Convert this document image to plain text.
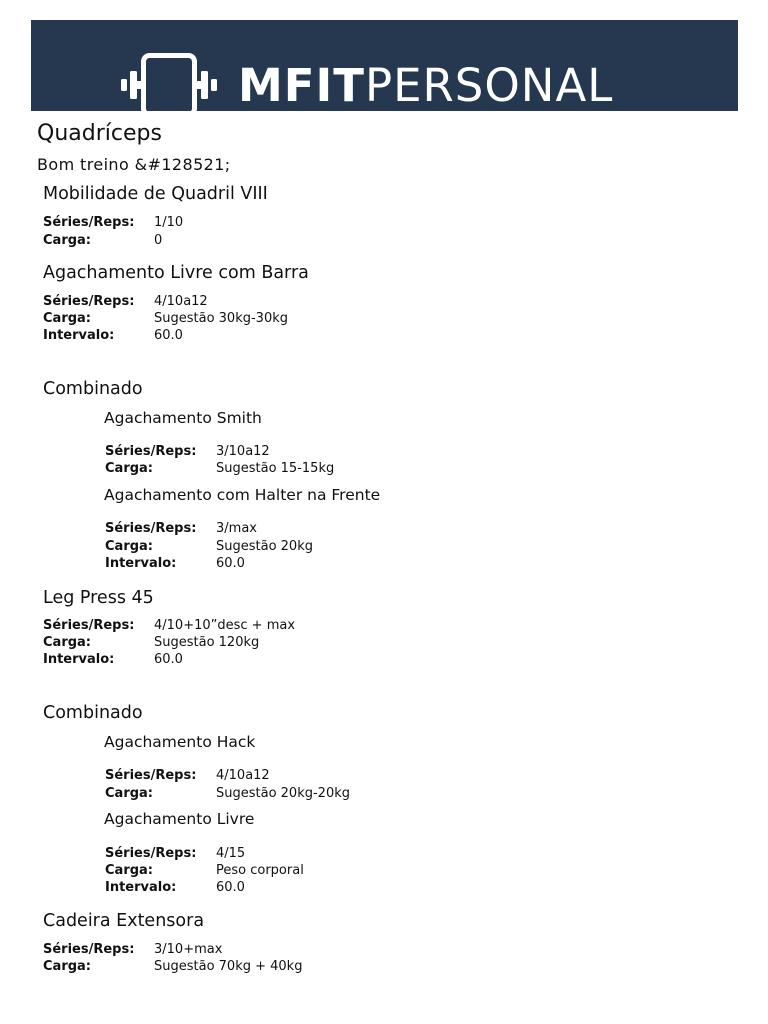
MFITPERSONAL
Quadríceps
Bom treino &#128521;
Mobilidade de Quadril VIII
Séries/Reps: 1/10
Carga:	0
Agachamento Livre com Barra
Séries/Reps: 4/10a12
Carga:	Sugestão 30kg-30kg
Intervalo:	60.0
Combinado
Agachamento Smith
Séries/Reps: 3/10a12
Carga:	Sugestão 15-15kg
Agachamento com Halter na Frente
Séries/Reps: 3/max
Carga:	Sugestão 20kg
Intervalo:	60.0
Leg Press 45
Séries/Reps: 4/10+10”desc + max
Carga:	Sugestão 120kg
Intervalo:	60.0
Combinado
Agachamento Hack
Séries/Reps: 4/10a12
Carga:	Sugestão 20kg-20kg
Agachamento Livre
Séries/Reps: 4/15
Carga:	Peso corporal
Intervalo:	60.0
Cadeira Extensora
Séries/Reps: 3/10+max
Carga:	Sugestão 70kg + 40kg
